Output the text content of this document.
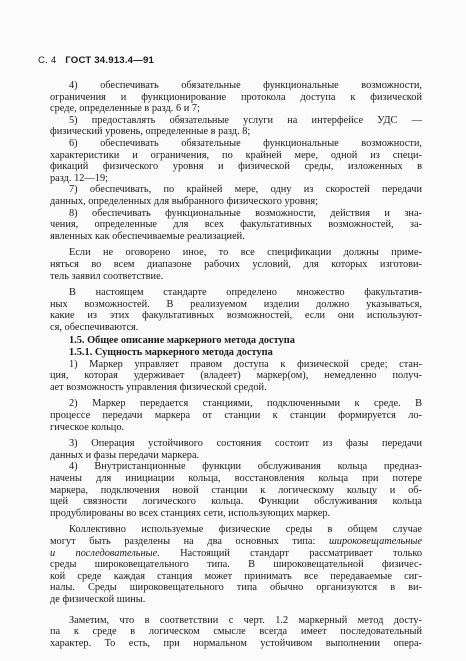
С. 4 ГОСТ 34.913.4—91
4) обеспечивать обязательные функциональные возможности,
ограничения и функционирование протокола доступа к физической
среде, определенные в разд. 6 и 7;
5) предоставлять обязательные услуги на интерфейсе УДС —
физический уровень, определенные в разд. 8;
6) обеспечивать обязательные функциональные возможности,
характеристики и ограничения, по крайней мере, одной из специ-
фикаций физического уровня и физической среды, изложенных в
разд. 12—19;
7) обеспечивать, по крайней мере, одну из скоростей передачи
данных, определенных для выбранного физического уровня;
8) обеспечивать функциональные возможности, действия и зна-
чения, определенные для всех факультативных возможностей, за-
явленных как обеспечиваемые реализацией.
Если не оговорено иное, то все спецификации должны приме-
няться во всем диапазоне рабочих условий, для которых изготови-
тель заявил соответствие.
В настоящем стандарте определено множество факультатив-
ных возможностей. В реализуемом изделии должно указываться,
какие из этих факультативных возможностей, если они используют-
ся, обеспечиваются.
1.5. Общее описание маркерного метода доступа
1.5.1. Сущность маркерного метода доступа
1) Маркер управляет правом доступа к физической среде; стан-
ция, которая удерживает (владеет) маркер(ом), немедленно получ-
ает возможность управления физической средой.
2) Маркер передается станциями, подключенными к среде. В
процессе передачи маркера от станции к станции формируется ло-
гическое кольцо.
3) Операция устойчивого состояния состоит из фазы передачи
данных и фазы передачи маркера.
4) Внутристанционные функции обслуживания кольца предназ-
начены для инициации кольца, восстановления кольца при потере
маркера, подключения новой станции к логическому кольцу и об-
щей связности логического кольца. Функции обслуживания кольца
продублированы во всех станциях сети, использующих маркер.
Коллективно используемые физические среды в общем случае
могут быть разделены на два основных типа: широковещательные
и последовательные. Настоящий стандарт рассматривает только
среды широковещательного типа. В широковещательной физичес-
кой среде каждая станция может принимать все передаваемые сиг-
налы. Среды широковещательного типа обычно организуются в ви-
де физической шины.
Заметим, что в соответствии с черт. 1.2 маркерный метод досту-
па к среде в логическом смысле всегда имеет последовательный
характер. То есть, при нормальном устойчивом выполнении опера-
